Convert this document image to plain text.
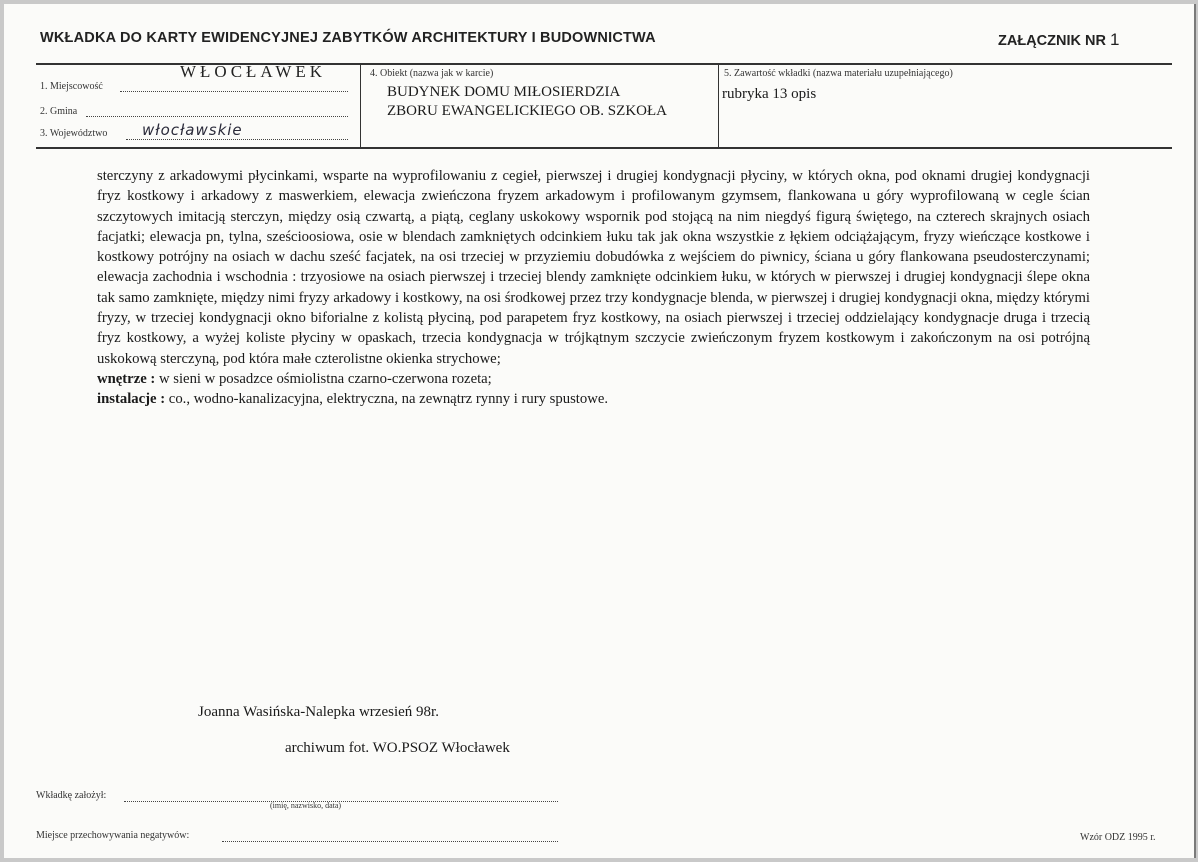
WKŁADKA DO KARTY EWIDENCYJNEJ ZABYTKÓW ARCHITEKTURY I BUDOWNICTWA	ZAŁĄCZNIK NR 1
WŁOCŁAWEK
1. Miejscowość
2. Gmina
3. Województwo włocławskie
4. Obiekt (nazwa jak w karcie)
BUDYNEK DOMU MIŁOSIERDZIA
ZBORU EWANGELICKIEGO OB. SZKOŁA
5. Zawartość wkładki (nazwa materiału uzupełniającego)
rubryka 13 opis

sterczyny z arkadowymi płycinkami, wsparte na wyprofilowaniu z cegieł, pierwszej i drugiej kondygnacji płyciny, w których okna, pod oknami drugiej kondygnacji fryz kostkowy i arkadowy z maswerkiem, elewacja zwieńczona fryzem arkadowym i profilowanym gzymsem, flankowana u góry wyprofilowaną w cegle ścian szczytowych imitacją sterczyn, między osią czwartą, a piątą, ceglany uskokowy wspornik pod stojącą na nim niegdyś figurą świętego, na czterech skrajnych osiach facjatki; elewacja pn, tylna, sześcioosiowa, osie w blendach zamkniętych odcinkiem łuku tak jak okna wszystkie z łękiem odciążającym, fryzy wieńczące kostkowe i kostkowy potrójny na osiach w dachu sześć facjatek, na osi trzeciej w przyziemiu dobudówka z wejściem do piwnicy, ściana u góry flankowana pseudosterczynami; elewacja zachodnia i wschodnia : trzyosiowe na osiach pierwszej i trzeciej blendy zamknięte odcinkiem łuku, w których w pierwszej i drugiej kondygnacji ślepe okna tak samo zamknięte, między nimi fryzy arkadowy i kostkowy, na osi środkowej przez trzy kondygnacje blenda, w pierwszej i drugiej kondygnacji okna, między którymi fryzy, w trzeciej kondygnacji okno biforialne z kolistą płyciną, pod parapetem fryz kostkowy, na osiach pierwszej i trzeciej oddzielający kondygnacje druga i trzecią fryz kostkowy, a wyżej koliste płyciny w opaskach, trzecia kondygnacja w trójkątnym szczycie zwieńczonym fryzem kostkowym i zakończonym na osi potrójną uskokową sterczyną, pod która małe czterolistne okienka strychowe;

wnętrze : w sieni w posadzce ośmiolistna czarno-czerwona rozeta;

instalacje : co., wodno-kanalizacyjna, elektryczna, na zewnątrz rynny i rury spustowe.

Joanna Wasińska-Nalepka wrzesień 98r.
archiwum fot. WO.PSOZ Włocławek
Wkładkę założył:
(imię, nazwisko, data)
Miejsce przechowywania negatywów:	Wzór ODZ 1995 r.
